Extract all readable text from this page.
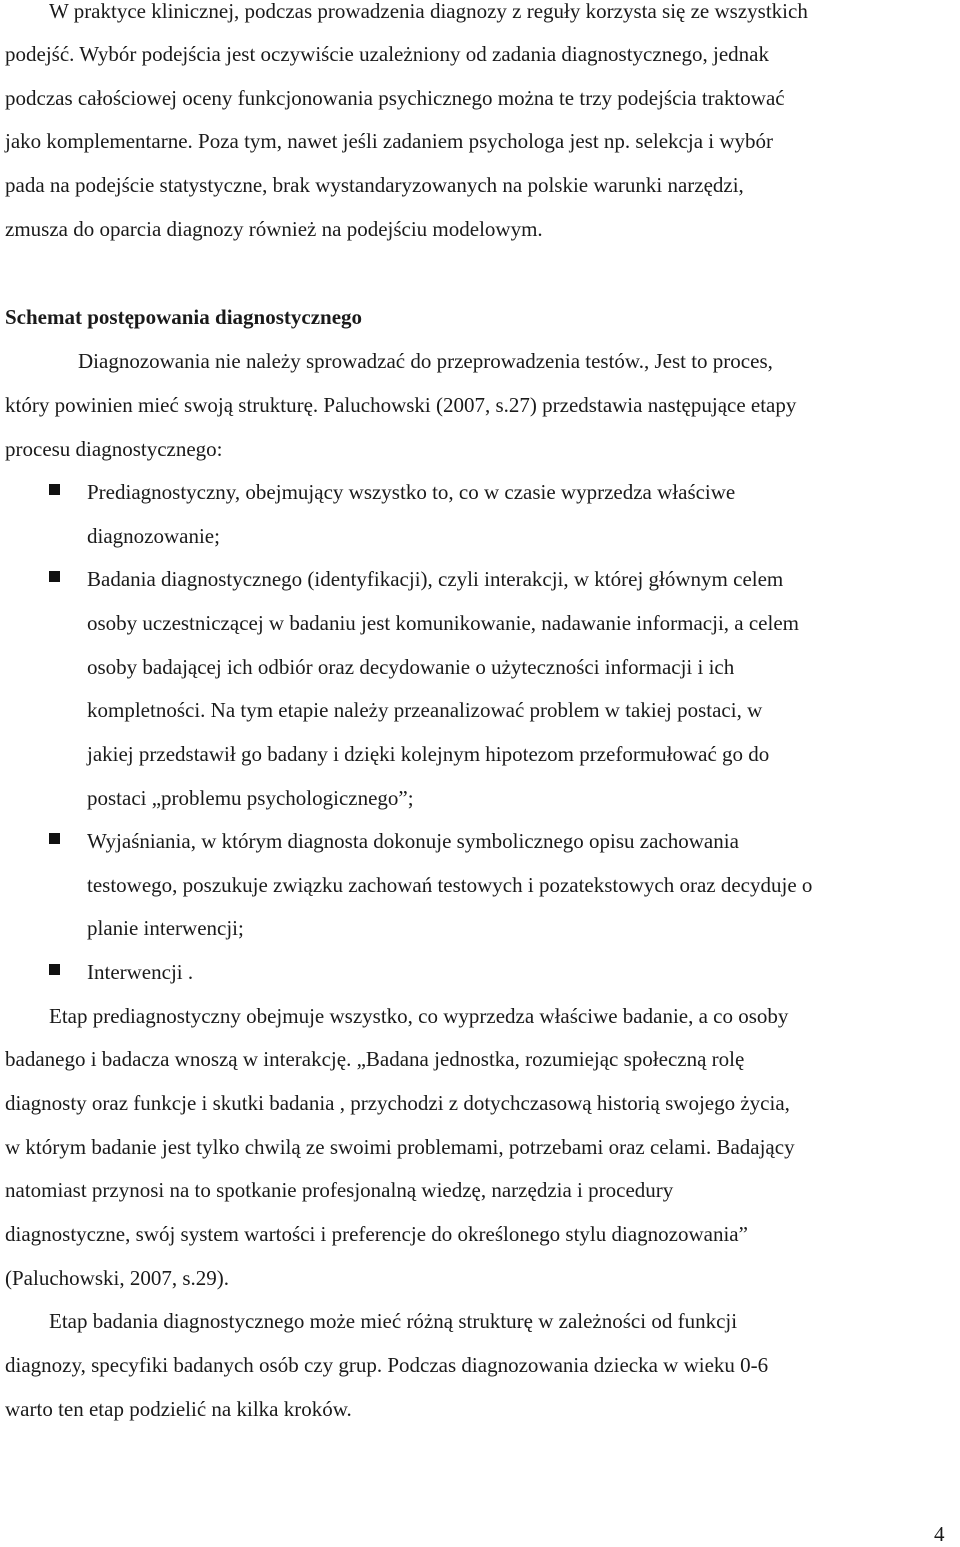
W praktyce klinicznej, podczas prowadzenia diagnozy z reguły korzysta się ze wszystkich
podejść. Wybór podejścia jest oczywiście uzależniony od zadania diagnostycznego, jednak
podczas całościowej oceny funkcjonowania psychicznego można te trzy podejścia traktować
jako komplementarne. Poza tym, nawet jeśli zadaniem psychologa jest np. selekcja i wybór
pada na podejście statystyczne, brak wystandaryzowanych na polskie warunki narzędzi,
zmusza do oparcia diagnozy również na podejściu modelowym.
Schemat postępowania diagnostycznego
Diagnozowania nie należy sprowadzać do przeprowadzenia testów., Jest to proces,
który powinien mieć swoją strukturę. Paluchowski (2007, s.27) przedstawia następujące etapy
procesu diagnostycznego:
Prediagnostyczny, obejmujący wszystko to, co w czasie wyprzedza właściwe
diagnozowanie;
Badania diagnostycznego (identyfikacji), czyli interakcji, w której głównym celem
osoby uczestniczącej w badaniu jest komunikowanie, nadawanie informacji, a celem
osoby badającej ich odbiór oraz decydowanie o użyteczności informacji i ich
kompletności. Na tym etapie należy przeanalizować problem w takiej postaci, w
jakiej przedstawił go badany i dzięki kolejnym hipotezom przeformułować go do
postaci „problemu psychologicznego”;
Wyjaśniania, w którym diagnosta dokonuje symbolicznego opisu zachowania
testowego, poszukuje związku zachowań testowych i pozatekstowych oraz decyduje o
planie interwencji;
Interwencji .
Etap prediagnostyczny obejmuje wszystko, co wyprzedza właściwe badanie, a co osoby
badanego i badacza wnoszą w interakcję. „Badana jednostka, rozumiejąc społeczną rolę
diagnosty oraz funkcje i skutki badania , przychodzi z dotychczasową historią swojego życia,
w którym badanie jest tylko chwilą ze swoimi problemami, potrzebami oraz celami. Badający
natomiast przynosi na to spotkanie profesjonalną wiedzę, narzędzia i procedury
diagnostyczne, swój system wartości i preferencje do określonego stylu diagnozowania”
(Paluchowski, 2007, s.29).
Etap badania diagnostycznego może mieć różną strukturę w zależności od funkcji
diagnozy, specyfiki badanych osób czy grup. Podczas diagnozowania dziecka w wieku 0-6
warto ten etap podzielić na kilka kroków.
4
